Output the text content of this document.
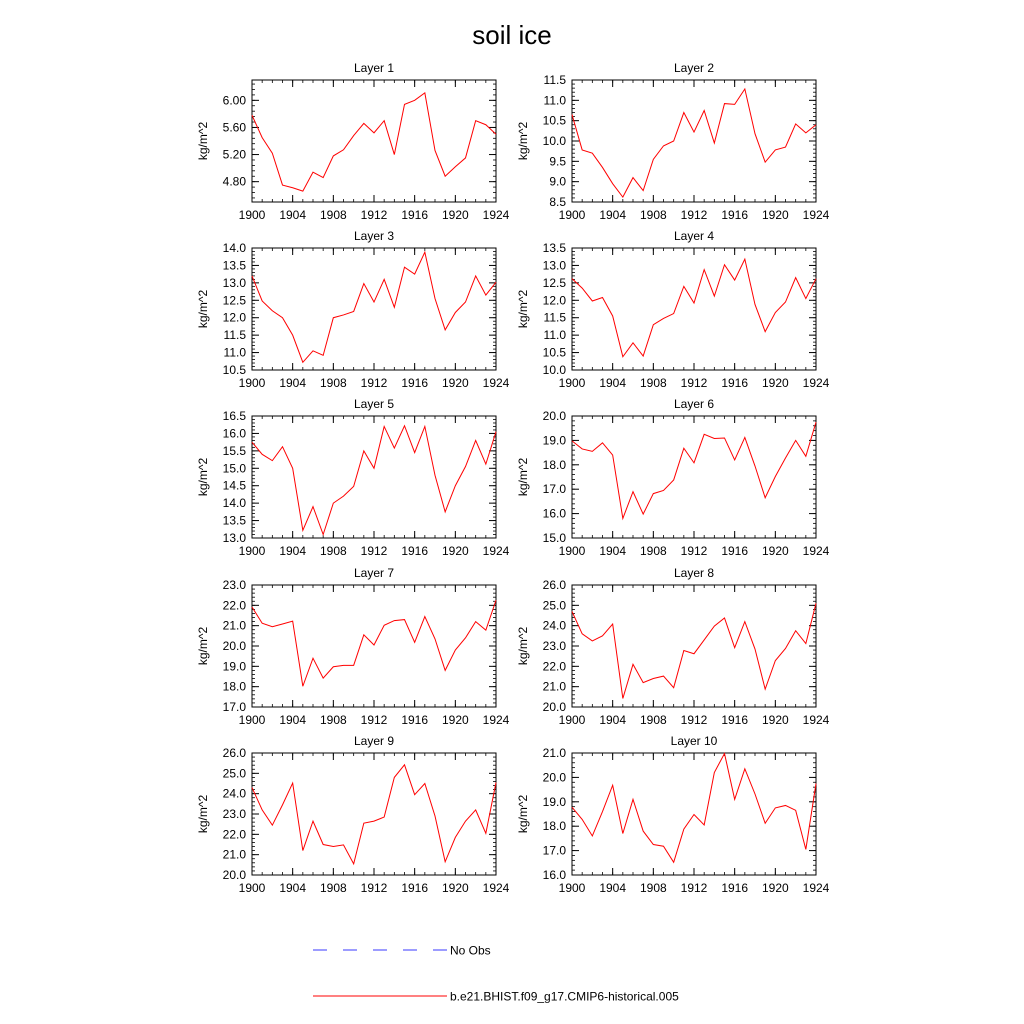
soil ice
Layer 1
kg/m^2
1900 1904 1908 1912 1916 1920 1924
4.80
5.20
5.60
6.00
Layer 2
kg/m^2
1900 1904 1908 1912 1916 1920 1924
8.5
9.0
9.5
10.0
10.5
11.0
11.5
Layer 3
kg/m^2
1900 1904 1908 1912 1916 1920 1924
10.5
11.0
11.5
12.0
12.5
13.0
13.5
14.0
Layer 4
kg/m^2
1900 1904 1908 1912 1916 1920 1924
10.0
10.5
11.0
11.5
12.0
12.5
13.0
13.5
Layer 5
kg/m^2
1900 1904 1908 1912 1916 1920 1924
13.0
13.5
14.0
14.5
15.0
15.5
16.0
16.5
Layer 6
kg/m^2
1900 1904 1908 1912 1916 1920 1924
15.0
16.0
17.0
18.0
19.0
20.0
Layer 7
kg/m^2
1900 1904 1908 1912 1916 1920 1924
17.0
18.0
19.0
20.0
21.0
22.0
23.0
Layer 8
kg/m^2
1900 1904 1908 1912 1916 1920 1924
20.0
21.0
22.0
23.0
24.0
25.0
26.0
Layer 9
kg/m^2
1900 1904 1908 1912 1916 1920 1924
20.0
21.0
22.0
23.0
24.0
25.0
26.0
Layer 10
kg/m^2
1900 1904 1908 1912 1916 1920 1924
16.0
17.0
18.0
19.0
20.0
21.0
No Obs
b.e21.BHIST.f09_g17.CMIP6-historical.005
